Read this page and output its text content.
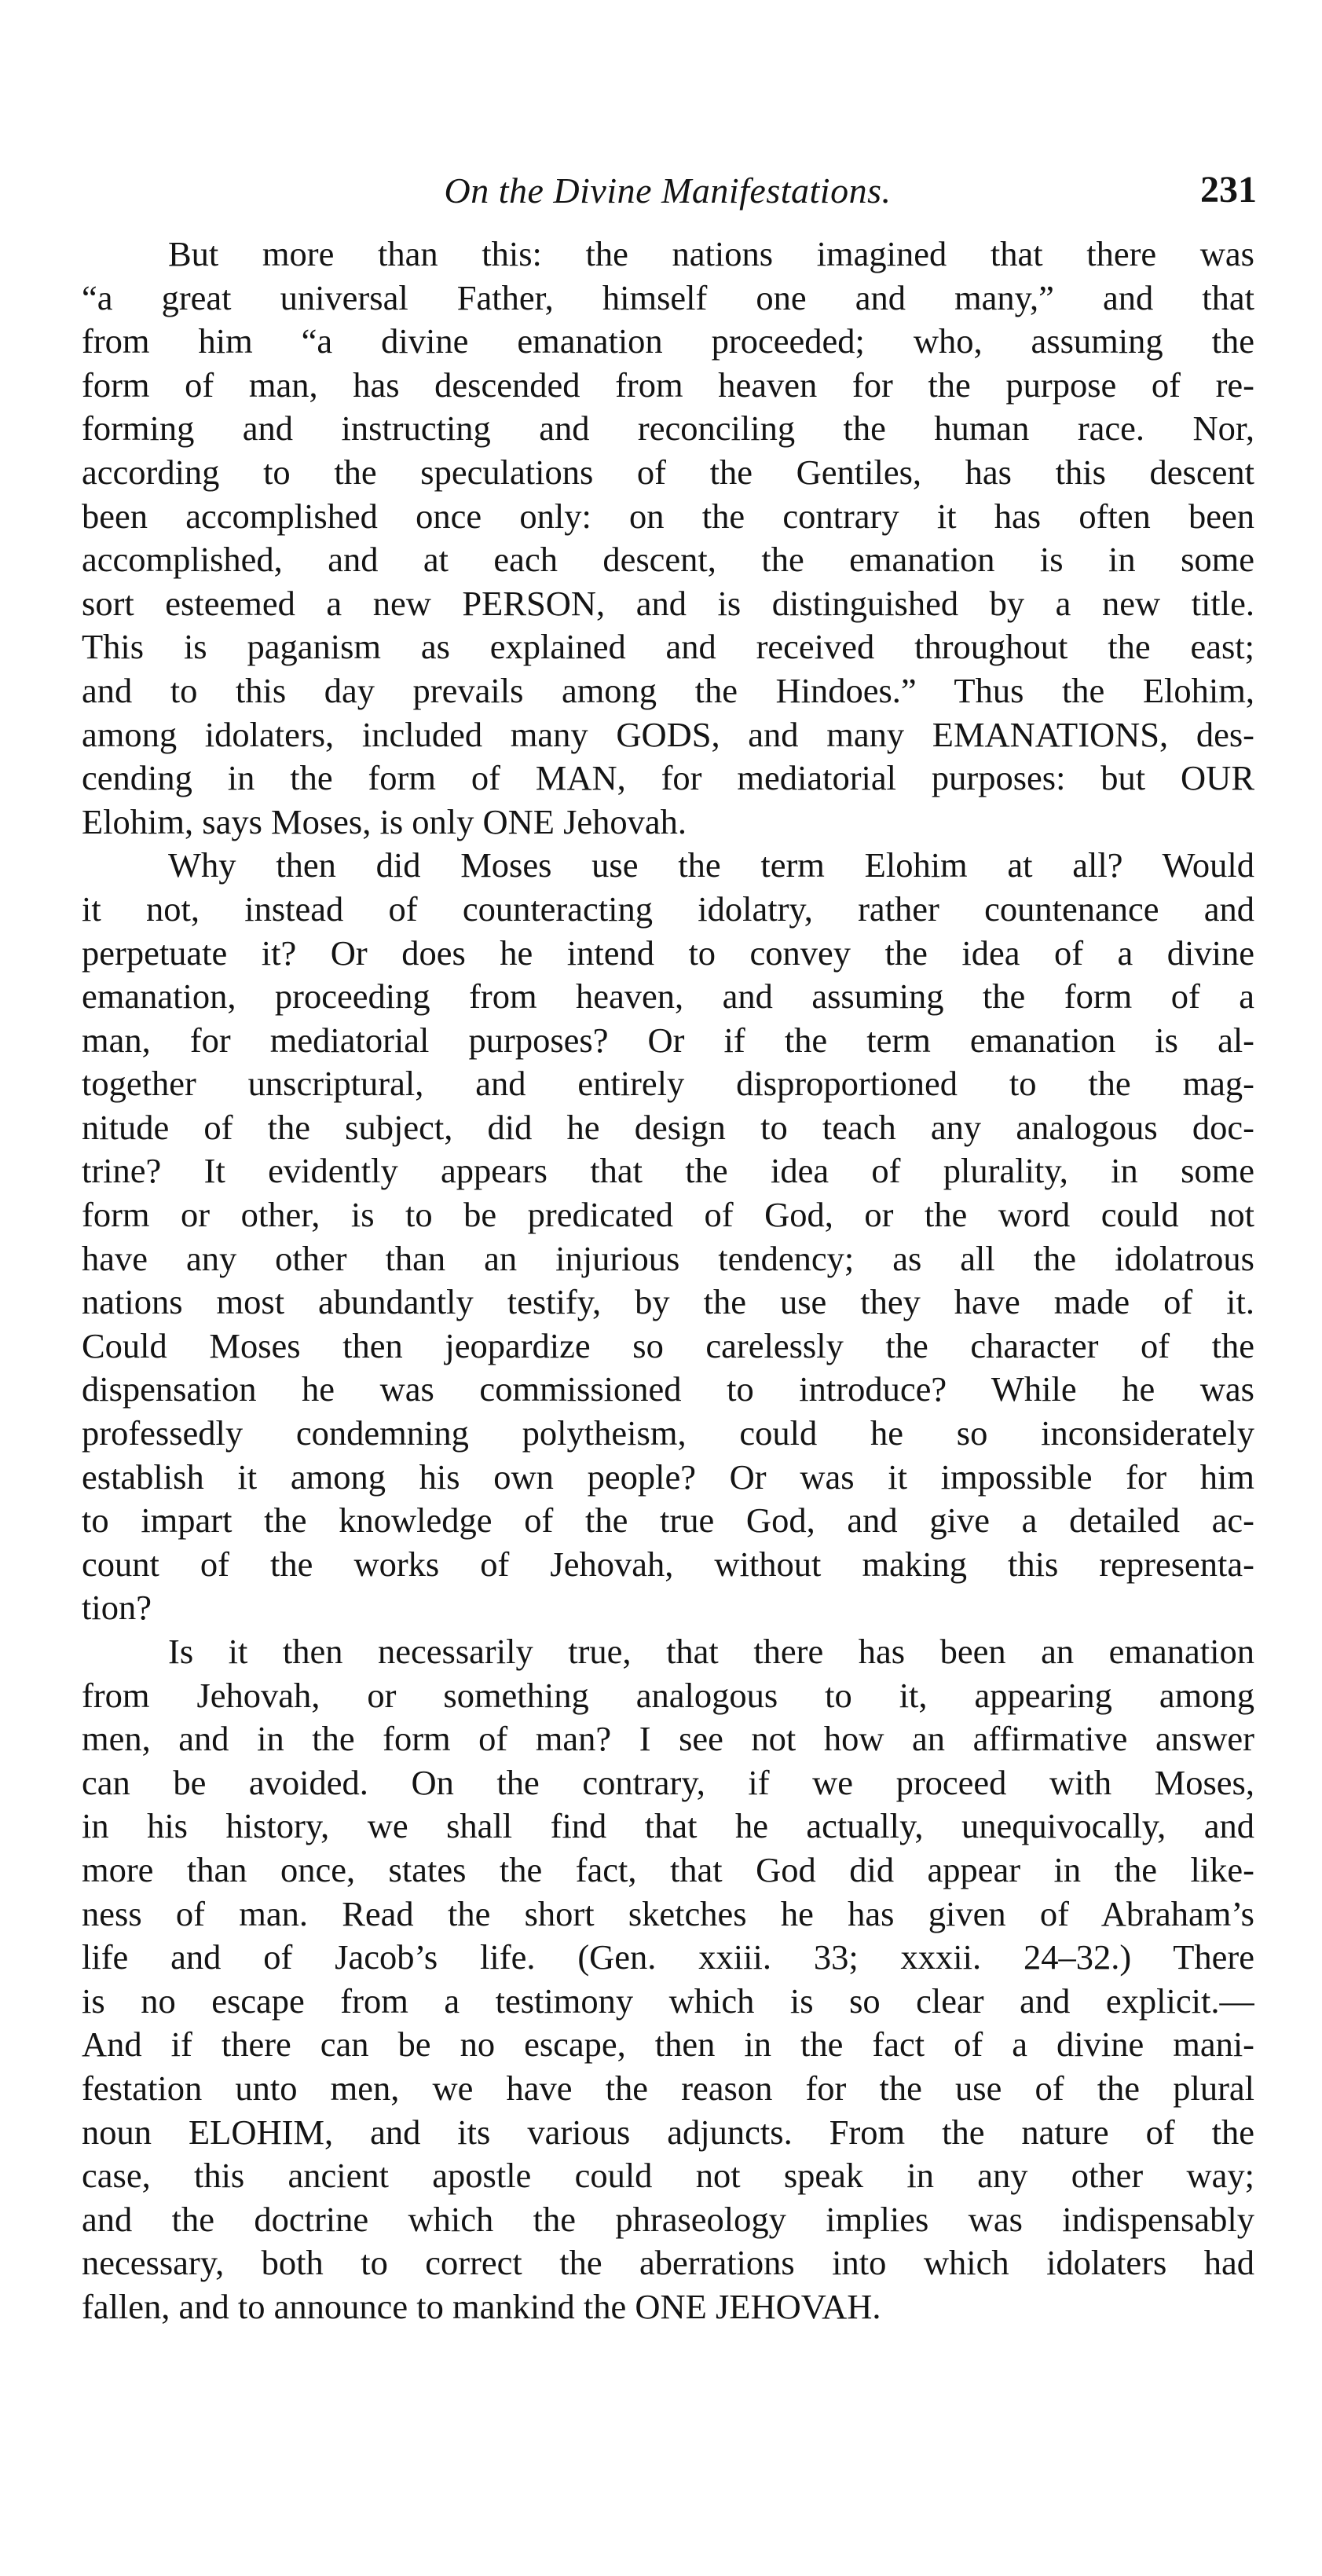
On the Divine Manifestations.	231
But more than this: the nations imagined that there was
“a great universal Father, himself one and many,” and that
from him “a divine emanation proceeded; who, assuming the
form of man, has descended from heaven for the purpose of re-
forming and instructing and reconciling the human race. Nor,
according to the speculations of the Gentiles, has this descent
been accomplished once only: on the contrary it has often been
accomplished, and at each descent, the emanation is in some
sort esteemed a new PERSON, and is distinguished by a new title.
This is paganism as explained and received throughout the east;
and to this day prevails among the Hindoes.” Thus the Elohim,
among idolaters, included many GODS, and many EMANATIONS, des-
cending in the form of MAN, for mediatorial purposes: but OUR
Elohim, says Moses, is only ONE Jehovah.
Why then did Moses use the term Elohim at all? Would
it not, instead of counteracting idolatry, rather countenance and
perpetuate it? Or does he intend to convey the idea of a divine
emanation, proceeding from heaven, and assuming the form of a
man, for mediatorial purposes? Or if the term emanation is al-
together unscriptural, and entirely disproportioned to the mag-
nitude of the subject, did he design to teach any analogous doc-
trine? It evidently appears that the idea of plurality, in some
form or other, is to be predicated of God, or the word could not
have any other than an injurious tendency; as all the idolatrous
nations most abundantly testify, by the use they have made of it.
Could Moses then jeopardize so carelessly the character of the
dispensation he was commissioned to introduce? While he was
professedly condemning polytheism, could he so inconsiderately
establish it among his own people? Or was it impossible for him
to impart the knowledge of the true God, and give a detailed ac-
count of the works of Jehovah, without making this representa-
tion?
Is it then necessarily true, that there has been an emanation
from Jehovah, or something analogous to it, appearing among
men, and in the form of man? I see not how an affirmative answer
can be avoided. On the contrary, if we proceed with Moses,
in his history, we shall find that he actually, unequivocally, and
more than once, states the fact, that God did appear in the like-
ness of man. Read the short sketches he has given of Abraham’s
life and of Jacob’s life. (Gen. xxiii. 33; xxxii. 24–32.) There
is no escape from a testimony which is so clear and explicit.—
And if there can be no escape, then in the fact of a divine mani-
festation unto men, we have the reason for the use of the plural
noun ELOHIM, and its various adjuncts. From the nature of the
case, this ancient apostle could not speak in any other way;
and the doctrine which the phraseology implies was indispensably
necessary, both to correct the aberrations into which idolaters had
fallen, and to announce to mankind the ONE JEHOVAH.
